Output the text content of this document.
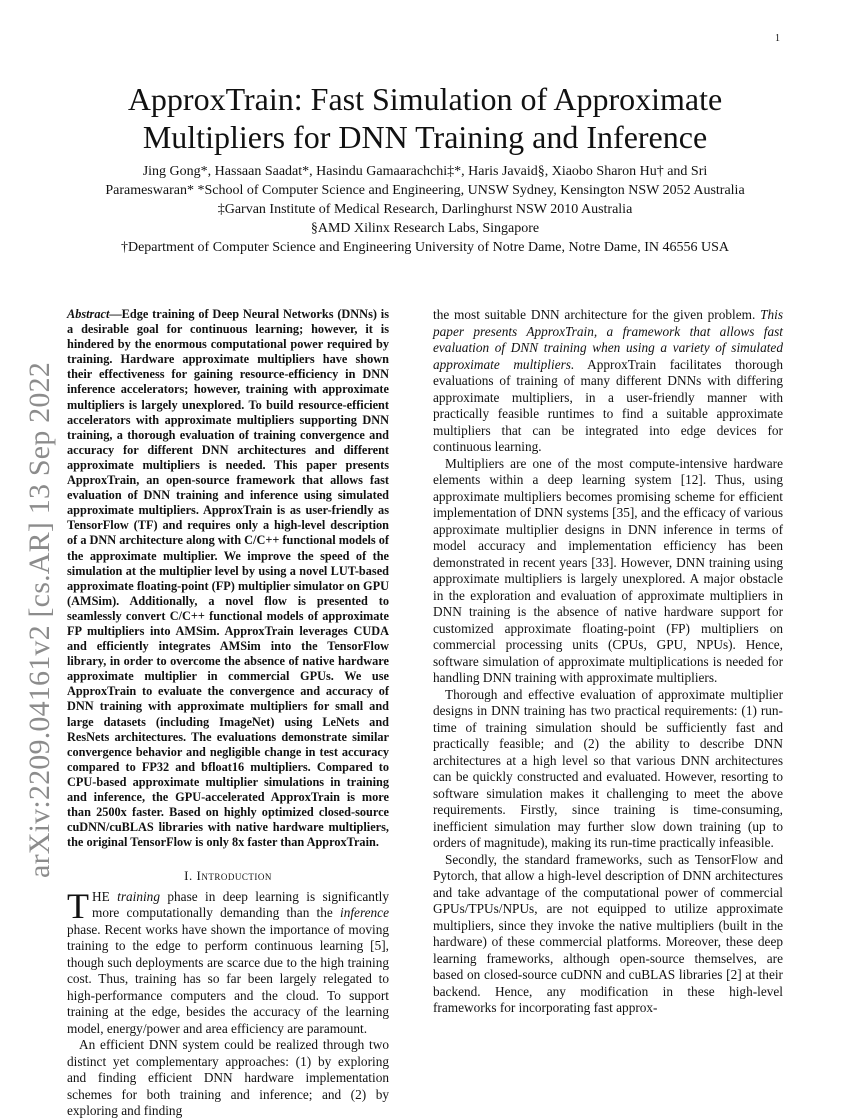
1
arXiv:2209.04161v2 [cs.AR] 13 Sep 2022
ApproxTrain: Fast Simulation of Approximate Multipliers for DNN Training and Inference
Jing Gong*, Hassaan Saadat*, Hasindu Gamaarachchi‡*, Haris Javaid§, Xiaobo Sharon Hu† and Sri
Parameswaran* *School of Computer Science and Engineering, UNSW Sydney, Kensington NSW 2052 Australia
‡Garvan Institute of Medical Research, Darlinghurst NSW 2010 Australia
§AMD Xilinx Research Labs, Singapore
†Department of Computer Science and Engineering University of Notre Dame, Notre Dame, IN 46556 USA

Abstract—Edge training of Deep Neural Networks (DNNs) is a desirable goal for continuous learning; however, it is hindered by the enormous computational power required by training. Hardware approximate multipliers have shown their effectiveness for gaining resource-efficiency in DNN inference accelerators; however, training with approximate multipliers is largely unexplored. To build resource-efficient accelerators with approximate multipliers supporting DNN training, a thorough evaluation of training convergence and accuracy for different DNN architectures and different approximate multipliers is needed. This paper presents ApproxTrain, an open-source framework that allows fast evaluation of DNN training and inference using simulated approximate multipliers. ApproxTrain is as user-friendly as TensorFlow (TF) and requires only a high-level description of a DNN architecture along with C/C++ functional models of the approximate multiplier. We improve the speed of the simulation at the multiplier level by using a novel LUT-based approximate floating-point (FP) multiplier simulator on GPU (AMSim). Additionally, a novel flow is presented to seamlessly convert C/C++ functional models of approximate FP multipliers into AMSim. ApproxTrain leverages CUDA and efficiently integrates AMSim into the TensorFlow library, in order to overcome the absence of native hardware approximate multiplier in commercial GPUs. We use ApproxTrain to evaluate the convergence and accuracy of DNN training with approximate multipliers for small and large datasets (including ImageNet) using LeNets and ResNets architectures. The evaluations demonstrate similar convergence behavior and negligible change in test accuracy compared to FP32 and bfloat16 multipliers. Compared to CPU-based approximate multiplier simulations in training and inference, the GPU-accelerated ApproxTrain is more than 2500x faster. Based on highly optimized closed-source cuDNN/cuBLAS libraries with native hardware multipliers, the original TensorFlow is only 8x faster than ApproxTrain.

I. Introduction

THE training phase in deep learning is significantly more computationally demanding than the inference phase. Recent works have shown the importance of moving training to the edge to perform continuous learning [5], though such deployments are scarce due to the high training cost. Thus, training has so far been largely relegated to high-performance computers and the cloud. To support training at the edge, besides the accuracy of the learning model, energy/power and area efficiency are paramount.

An efficient DNN system could be realized through two distinct yet complementary approaches: (1) by exploring and finding efficient DNN hardware implementation schemes for both training and inference; and (2) by exploring and finding

the most suitable DNN architecture for the given problem. This paper presents ApproxTrain, a framework that allows fast evaluation of DNN training when using a variety of simulated approximate multipliers. ApproxTrain facilitates thorough evaluations of training of many different DNNs with differing approximate multipliers, in a user-friendly manner with practically feasible runtimes to find a suitable approximate multipliers that can be integrated into edge devices for continuous learning.

Multipliers are one of the most compute-intensive hardware elements within a deep learning system [12]. Thus, using approximate multipliers becomes promising scheme for efficient implementation of DNN systems [35], and the efficacy of various approximate multiplier designs in DNN inference in terms of model accuracy and implementation efficiency has been demonstrated in recent years [33]. However, DNN training using approximate multipliers is largely unexplored. A major obstacle in the exploration and evaluation of approximate multipliers in DNN training is the absence of native hardware support for customized approximate floating-point (FP) multipliers on commercial processing units (CPUs, GPU, NPUs). Hence, software simulation of approximate multiplications is needed for handling DNN training with approximate multipliers.

Thorough and effective evaluation of approximate multiplier designs in DNN training has two practical requirements: (1) run-time of training simulation should be sufficiently fast and practically feasible; and (2) the ability to describe DNN architectures at a high level so that various DNN architectures can be quickly constructed and evaluated. However, resorting to software simulation makes it challenging to meet the above requirements. Firstly, since training is time-consuming, inefficient simulation may further slow down training (up to orders of magnitude), making its run-time practically infeasible.

Secondly, the standard frameworks, such as TensorFlow and Pytorch, that allow a high-level description of DNN architectures and take advantage of the computational power of commercial GPUs/TPUs/NPUs, are not equipped to utilize approximate multipliers, since they invoke the native multipliers (built in the hardware) of these commercial platforms. Moreover, these deep learning frameworks, although open-source themselves, are based on closed-source cuDNN and cuBLAS libraries [2] at their backend. Hence, any modification in these high-level frameworks for incorporating fast approx-
